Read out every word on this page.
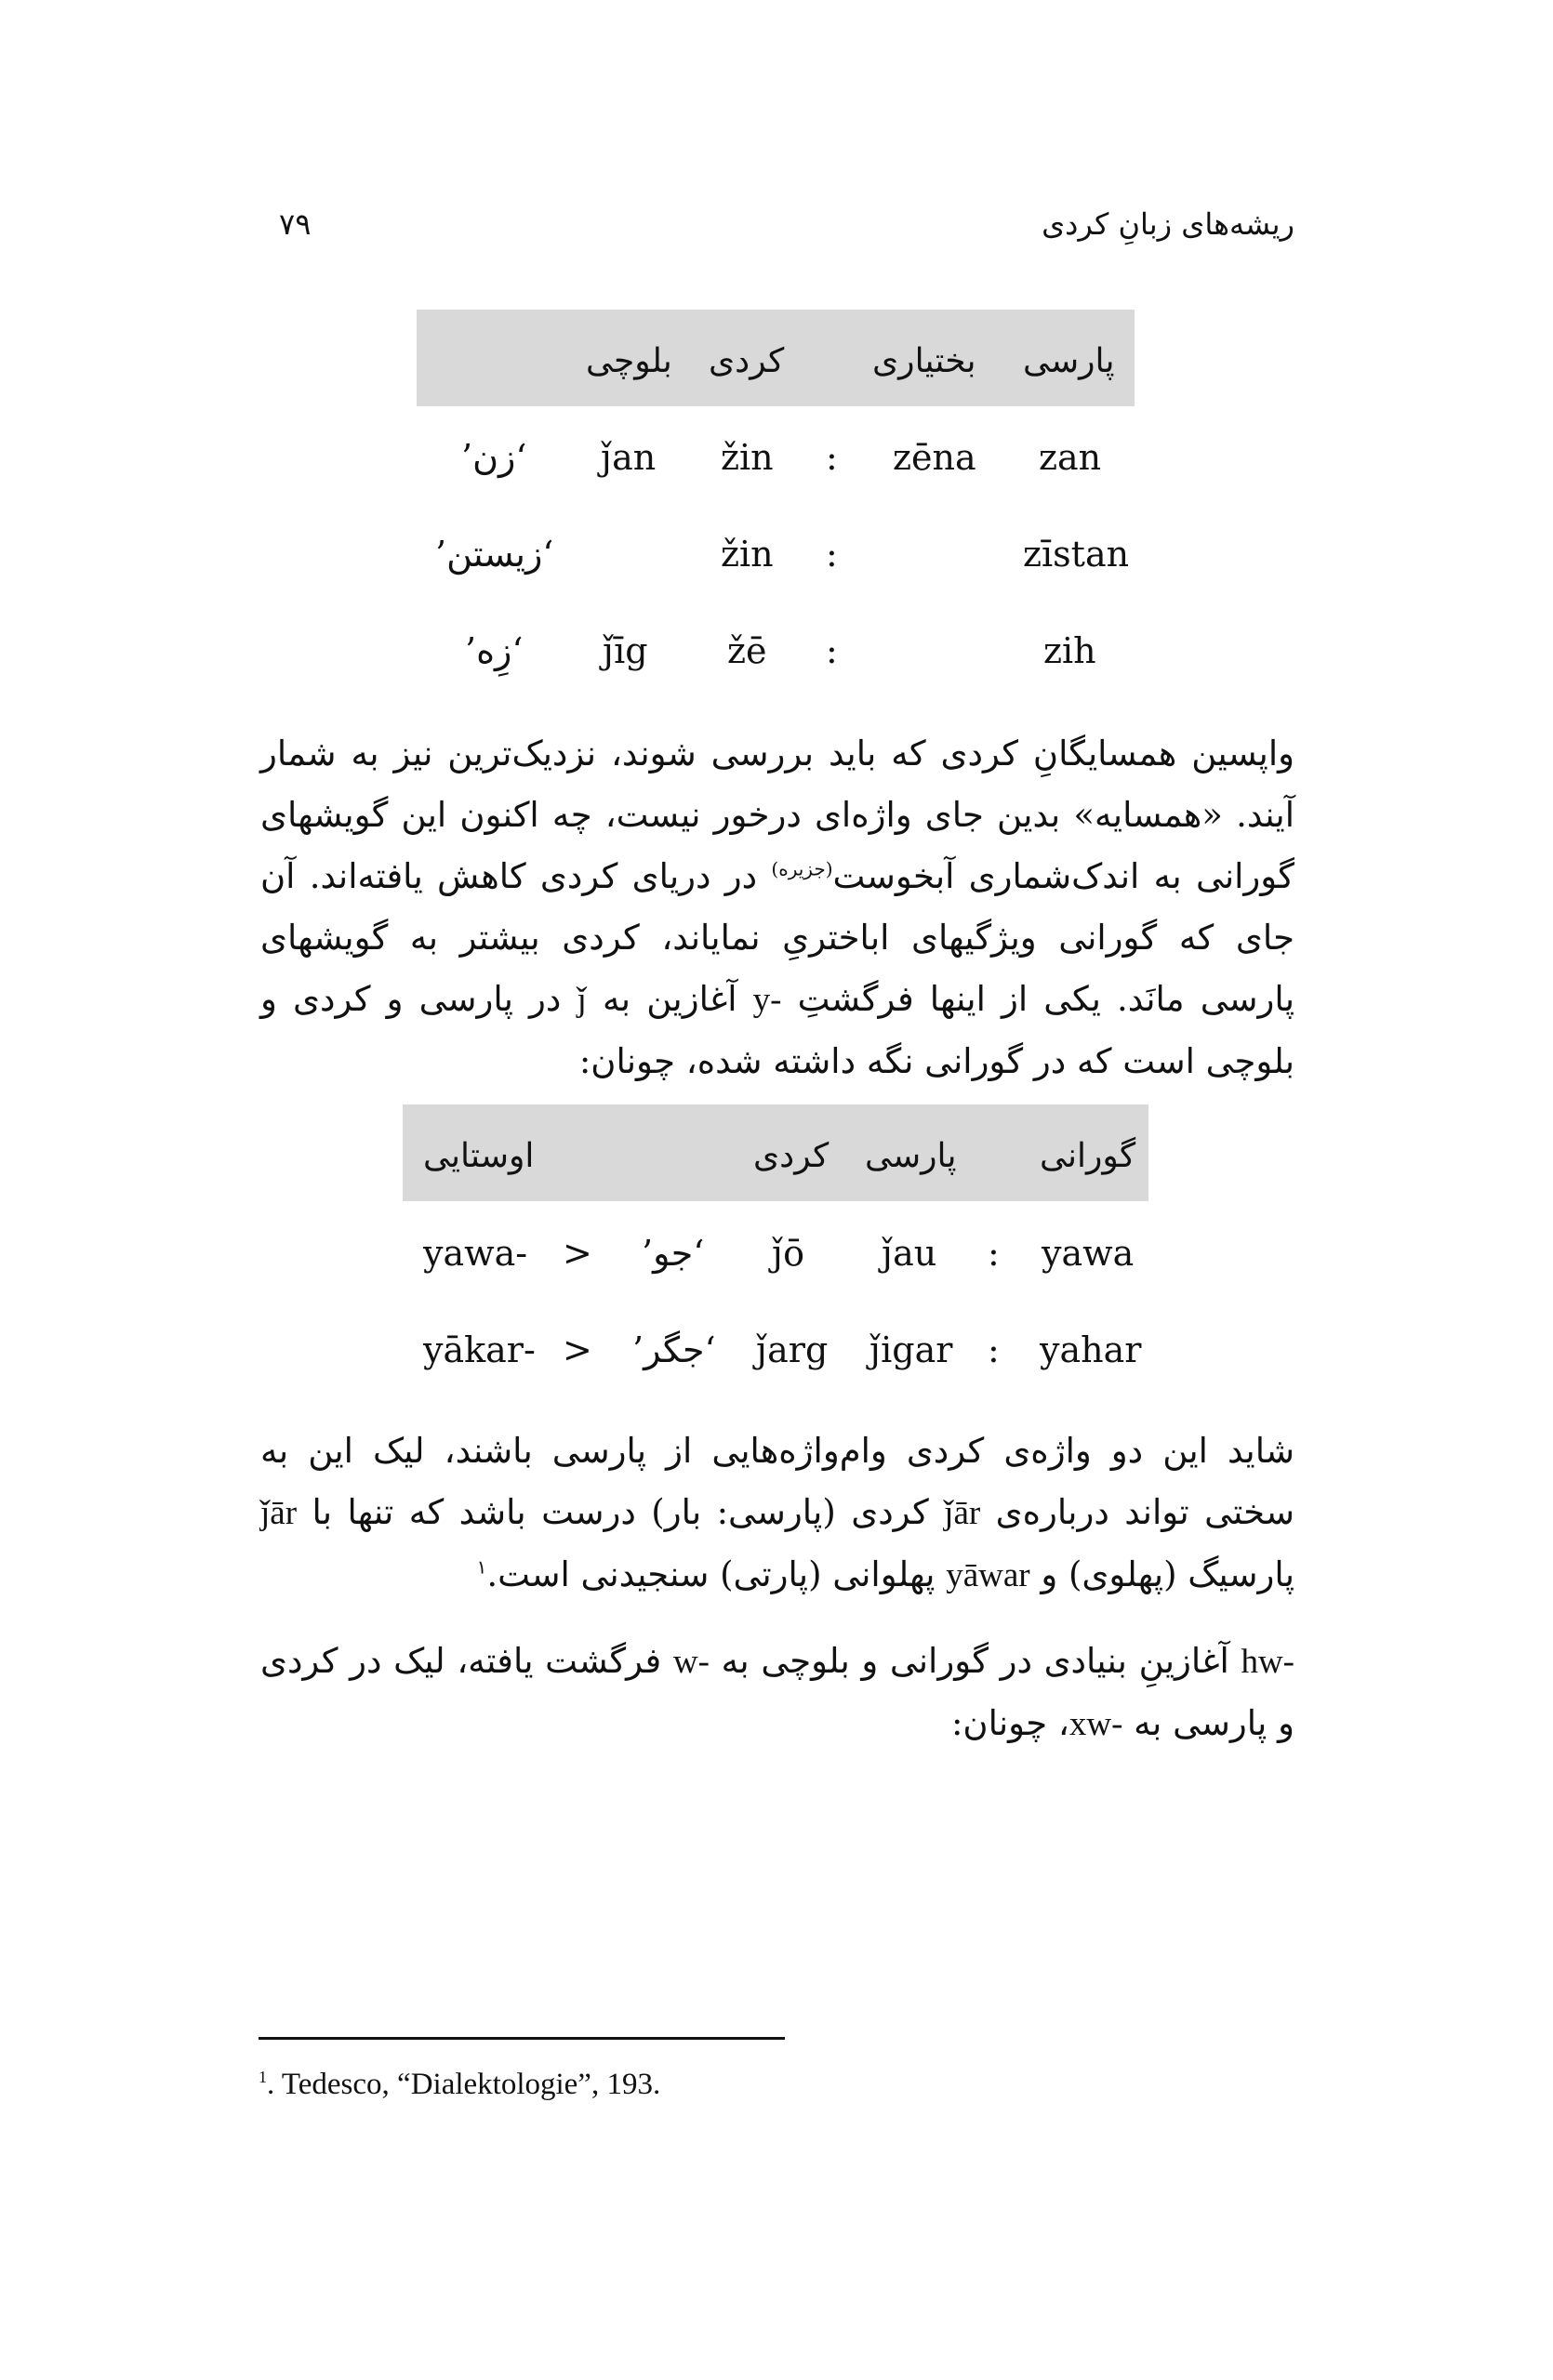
ریشه‌های زبانِ کردی
۷۹
پارسی
بختیاری
کردی
بلوچی
zan
zēna
:
žin
ǰan
‘زن’
zīstan
:
žin
‘زیستن’
zih
:
žē
ǰīg
‘زِه’
واپسین همسایگانِ کردی که باید بررسی شوند، نزدیک‌ترین نیز به شمار آیند. «همسایه» بدین جای واژه‌ای درخور نیست، چه اکنون این گویشهای گورانی به اندک‌شماری آبخوست$^{(جزیره)}$ در دریای کردی کاهش یافته‌اند. آن جای که گورانی ویژگیهای اباختریِ نمایاند، کردی بیشتر به گویشهای پارسی مانَد. یکی از اینها فرگشتِ y- آغازین به ǰ در پارسی و کردی و بلوچی است که در گورانی نگه داشته شده، چونان:
گورانی
پارسی
کردی
اوستایی
yawa
:
ǰau
ǰō
‘جو’
>
yawa-
yahar
:
ǰigar
ǰarg
‘جگر’
>
yākar-
شاید این دو واژه‌ی کردی وام‌واژه‌هایی از پارسی باشند، لیک این به سختی تواند درباره‌ی ǰār کردی (پارسی: بار) درست باشد که تنها با ǰār پارسیگ (پهلوی) و yāwar پهلوانی (پارتی) سنجیدنی است.$^۱$
hw- آغازینِ بنیادی در گورانی و بلوچی به w- فرگشت یافته، لیک در کردی و پارسی به xw-، چونان:
$^1$. Tedesco, “Dialektologie”, 193.
